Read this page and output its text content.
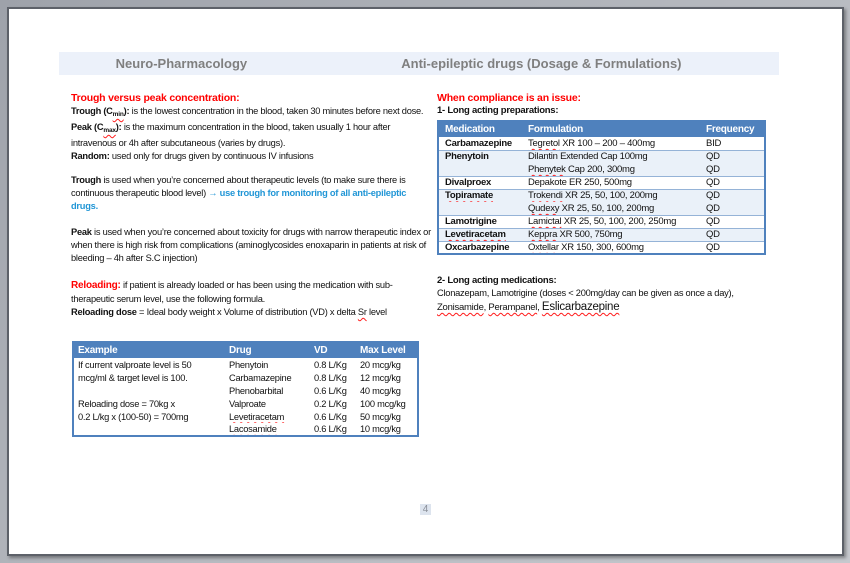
Neuro-Pharmacology	Anti-epileptic drugs (Dosage & Formulations)
Trough versus peak concentration:

Trough $(C_{min})$: is the lowest concentration in the blood, taken 30 minutes before next dose.

Peak $(C_{max})$: is the maximum concentration in the blood, taken usually 1 hour after intravenous or 4h after subcutaneous (varies by drugs).

Random: used only for drugs given by continuous IV infusions

Trough is used when you’re concerned about therapeutic levels (to make sure there is continuous therapeutic blood level) → use trough for monitoring of all anti-epileptic drugs.

Peak is used when you’re concerned about toxicity for drugs with narrow therapeutic index or when there is high risk from complications (aminoglycosides enoxaparin in patients at risk of bleeding – 4h after S.C injection)

Reloading: if patient is already loaded or has been using the medication with sub-therapeutic serum level, use the following formula.

Reloading dose = Ideal body weight x Volume of distribution (VD) x delta Sr level

Example	Drug	VD	Max Level
If current valproate level is 50	Phenytoin	0.8 L/Kg	20 mcg/kg
mcg/ml & target level is 100.	Carbamazepine	0.8 L/Kg	12 mcg/kg
	Phenobarbital	0.6 L/Kg	40 mcg/kg
Reloading dose = 70kg x	Valproate	0.2 L/Kg	100 mcg/kg
0.2 L/kg x (100-50) = 700mg	Levetiracetam	0.6 L/Kg	50 mcg/kg
	Lacosamide	0.6 L/Kg	10 mcg/kg
When compliance is an issue:
1- Long acting preparations:
Medication	Formulation	Frequency
Carbamazepine	Tegretol XR 100 – 200 – 400mg	BID
Phenytoin	Dilantin Extended Cap 100mg	QD
	Phenytek Cap 200, 300mg	QD
Divalproex	Depakote ER 250, 500mg	QD
Topiramate	Trokendi XR 25, 50, 100, 200mg	QD
	Qudexy XR 25, 50, 100, 200mg	QD
Lamotrigine	Lamictal XR 25, 50, 100, 200, 250mg	QD
Levetiracetam	Keppra XR 500, 750mg	QD
Oxcarbazepine	Oxtellar XR 150, 300, 600mg	QD
2- Long acting medications:
Clonazepam, Lamotrigine (doses < 200mg/day can be given as once a day),
Zonisamide, Perampanel, Eslicarbazepine
4
